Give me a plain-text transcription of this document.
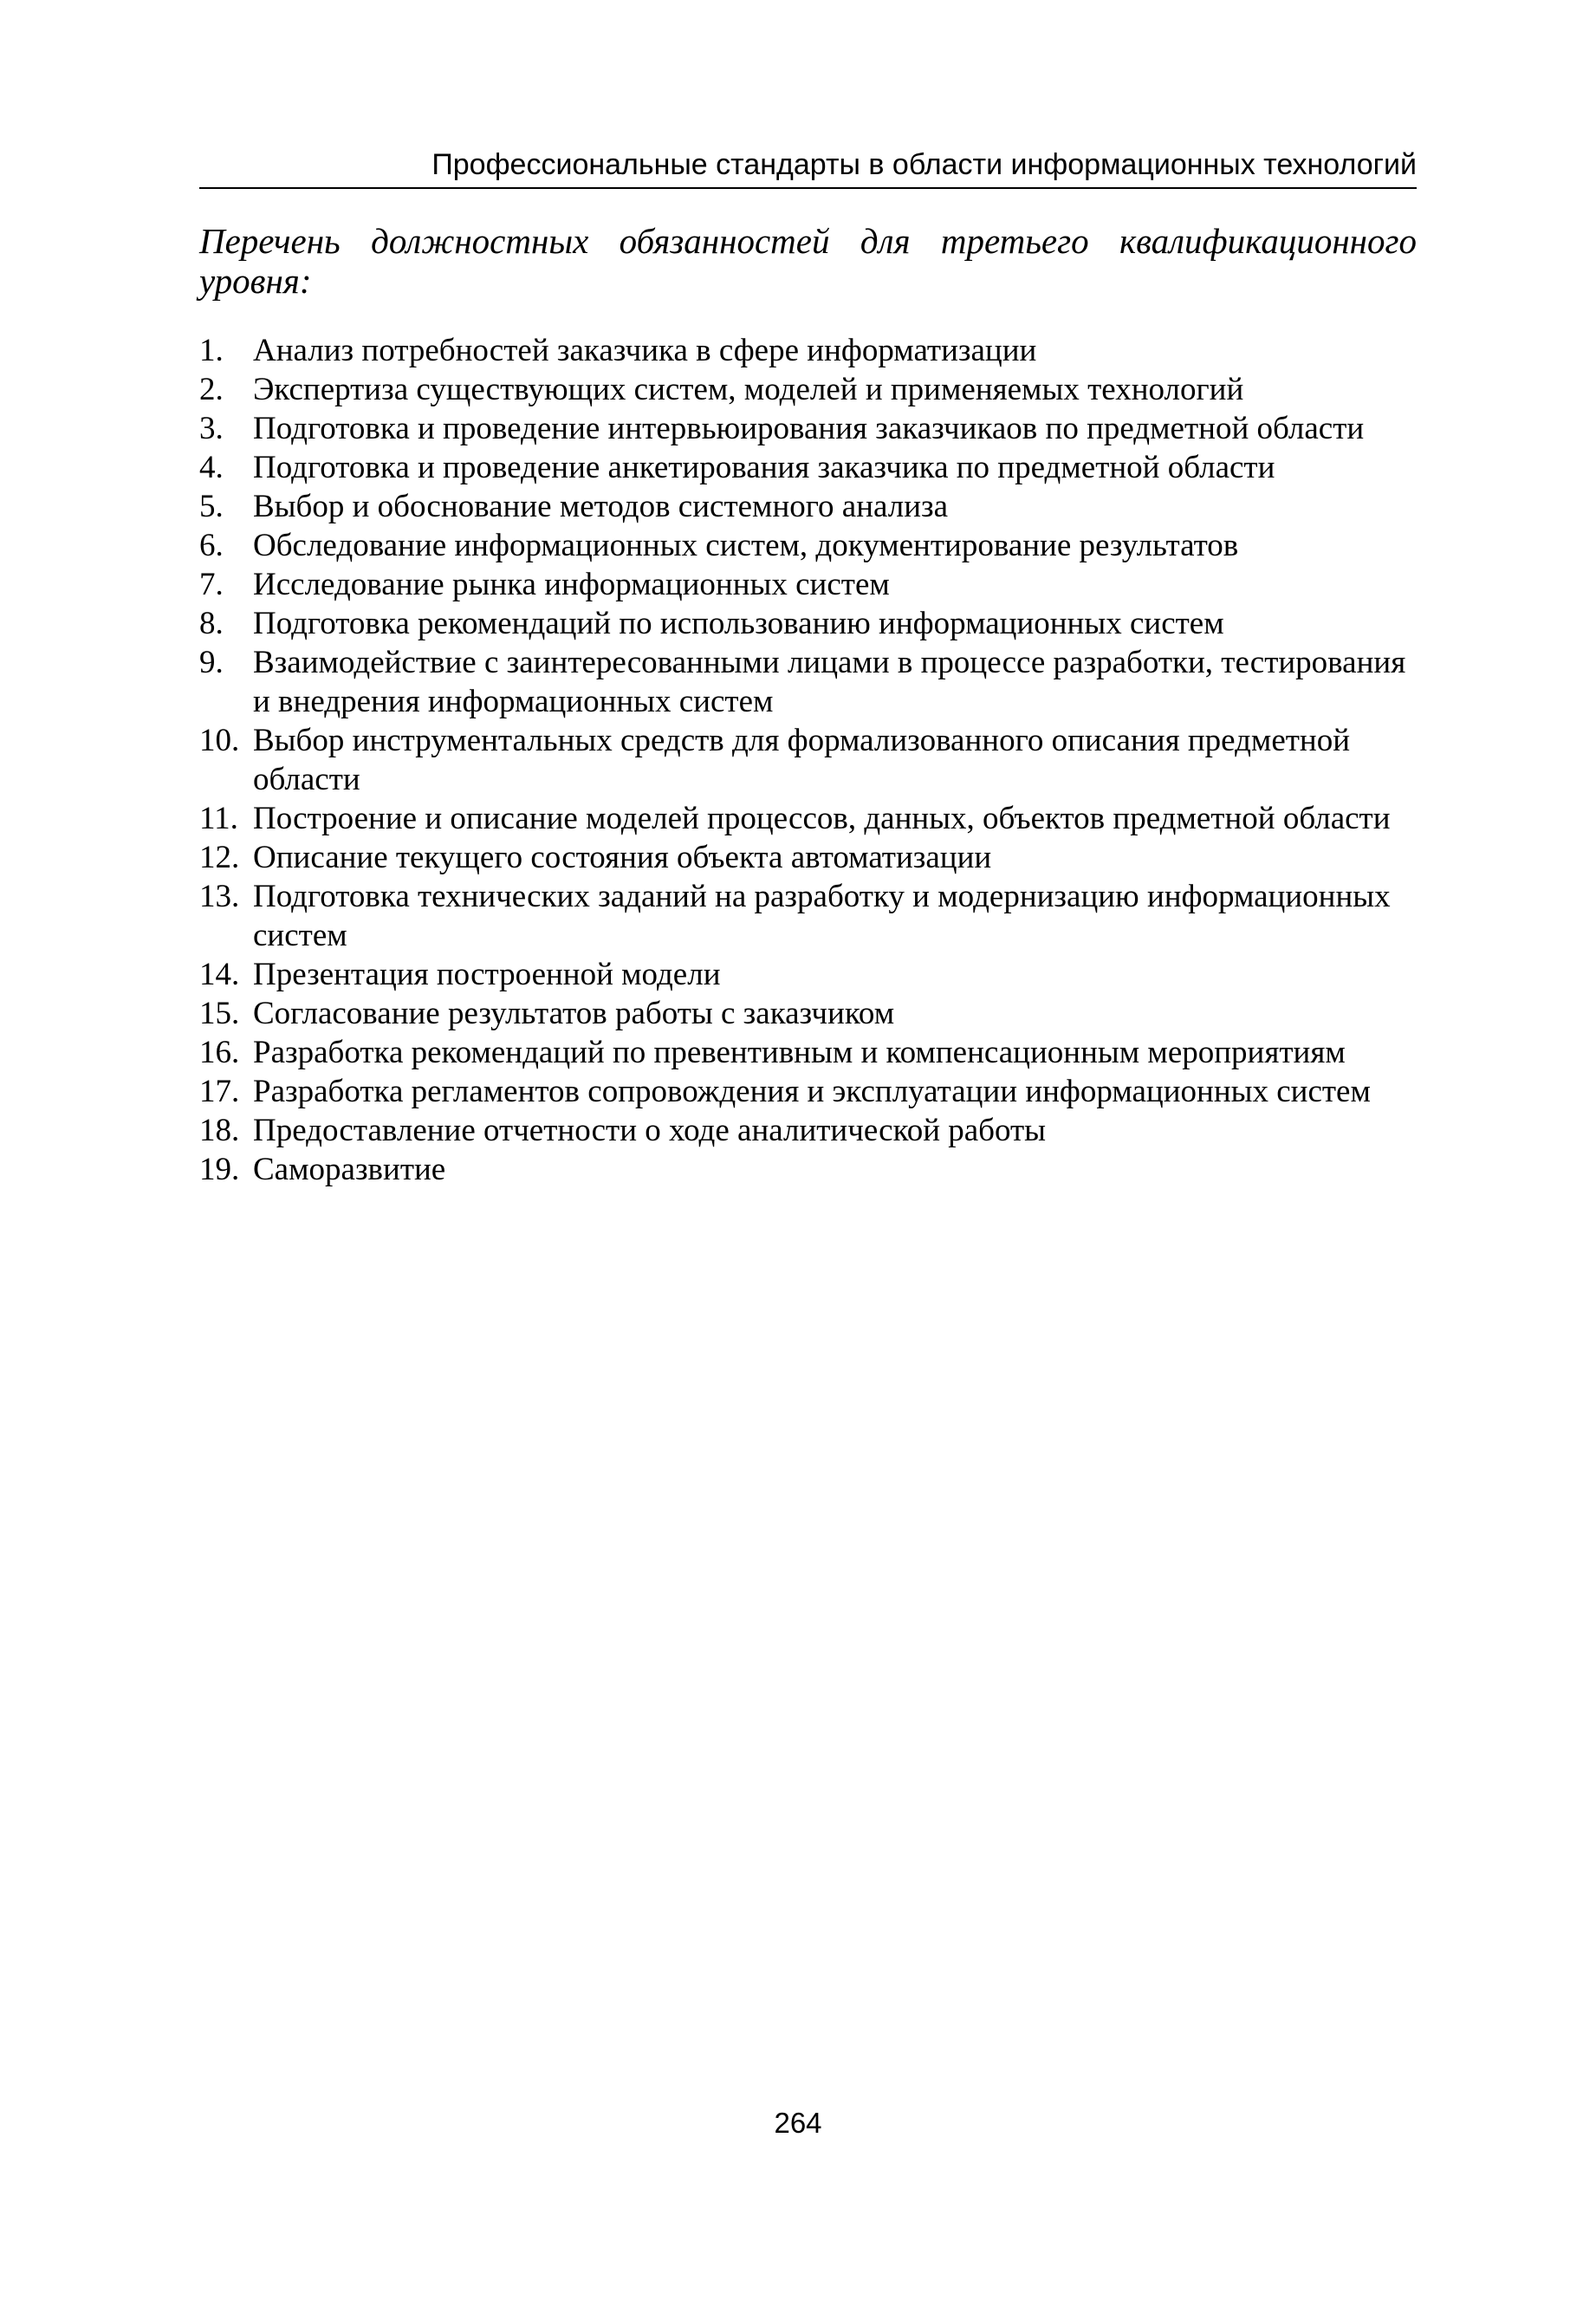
Профессиональные стандарты в области информационных технологий
Перечень должностных обязанностей для третьего квалификационного уровня:
1. Анализ потребностей заказчика в сфере информатизации
2. Экспертиза существующих систем, моделей и применяемых технологий
3. Подготовка и проведение интервьюирования заказчикаов по предметной области
4. Подготовка и проведение анкетирования заказчика по предметной области
5. Выбор и обоснование методов системного анализа
6. Обследование информационных систем, документирование результатов
7. Исследование рынка информационных систем
8. Подготовка рекомендаций по использованию информационных систем
9. Взаимодействие с заинтересованными лицами в процессе разработки, тестирования и внедрения информационных систем
10. Выбор инструментальных средств для формализованного описания предметной области
11. Построение и описание моделей процессов, данных, объектов предметной области
12. Описание текущего состояния объекта автоматизации
13. Подготовка технических заданий на разработку и модернизацию информационных систем
14. Презентация построенной модели
15. Согласование результатов работы с заказчиком
16. Разработка рекомендаций по превентивным и компенсационным мероприятиям
17. Разработка регламентов сопровождения и эксплуатации информационных систем
18. Предоставление отчетности о ходе аналитической работы
19. Саморазвитие
264
